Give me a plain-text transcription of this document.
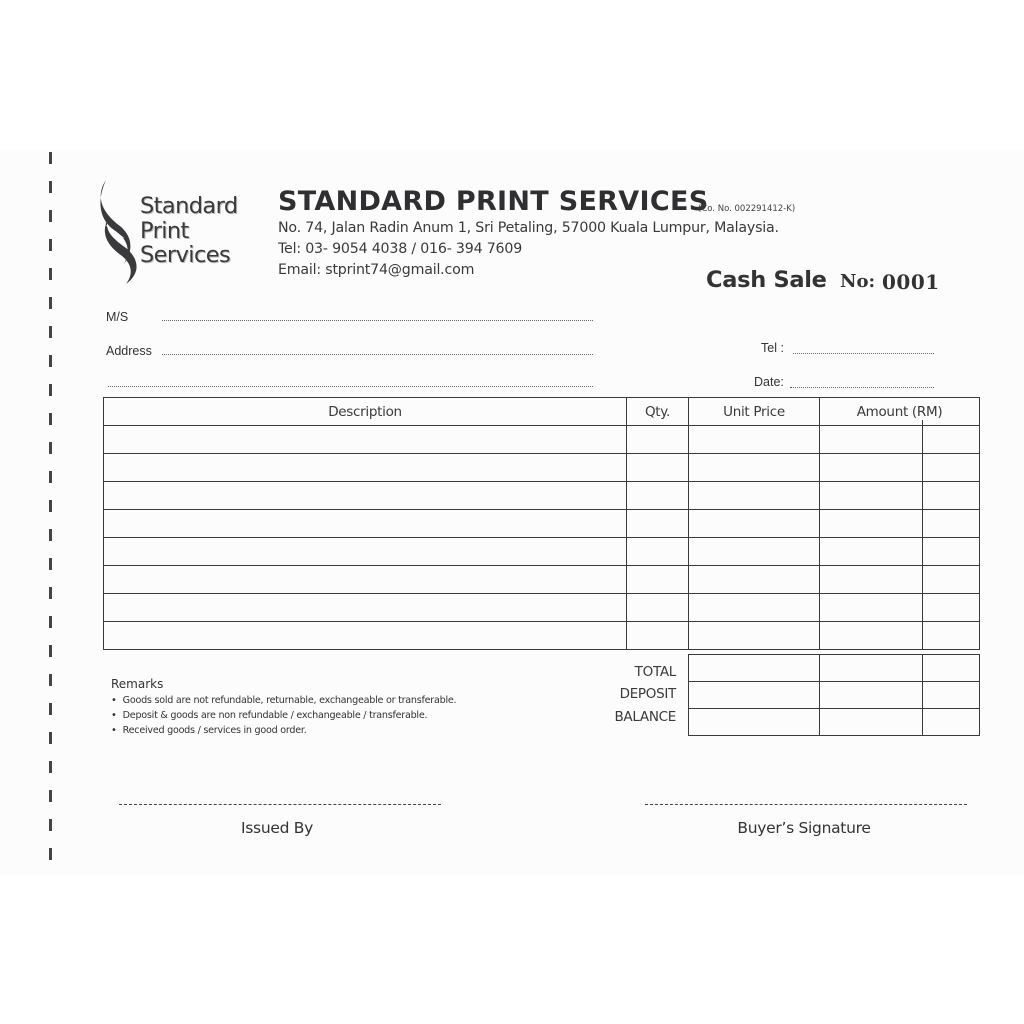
Standard
Print
Services
STANDARD PRINT SERVICES
(Co. No. 002291412-K)
No. 74, Jalan Radin Anum 1, Sri Petaling, 57000 Kuala Lumpur, Malaysia.
Tel: 03- 9054 4038 / 016- 394 7609
Email: stprint74@gmail.com	Cash Sale No: 0001
M/S
Address	Tel :
Date:
Description	Qty.	Unit Price	Amount (RM)

TOTAL
DEPOSIT
BALANCE

Remarks
• Goods sold are not refundable, returnable, exchangeable or transferable.
• Deposit & goods are non refundable / exchangeable / transferable.
• Received goods / services in good order.
Issued By	Buyer’s Signature
